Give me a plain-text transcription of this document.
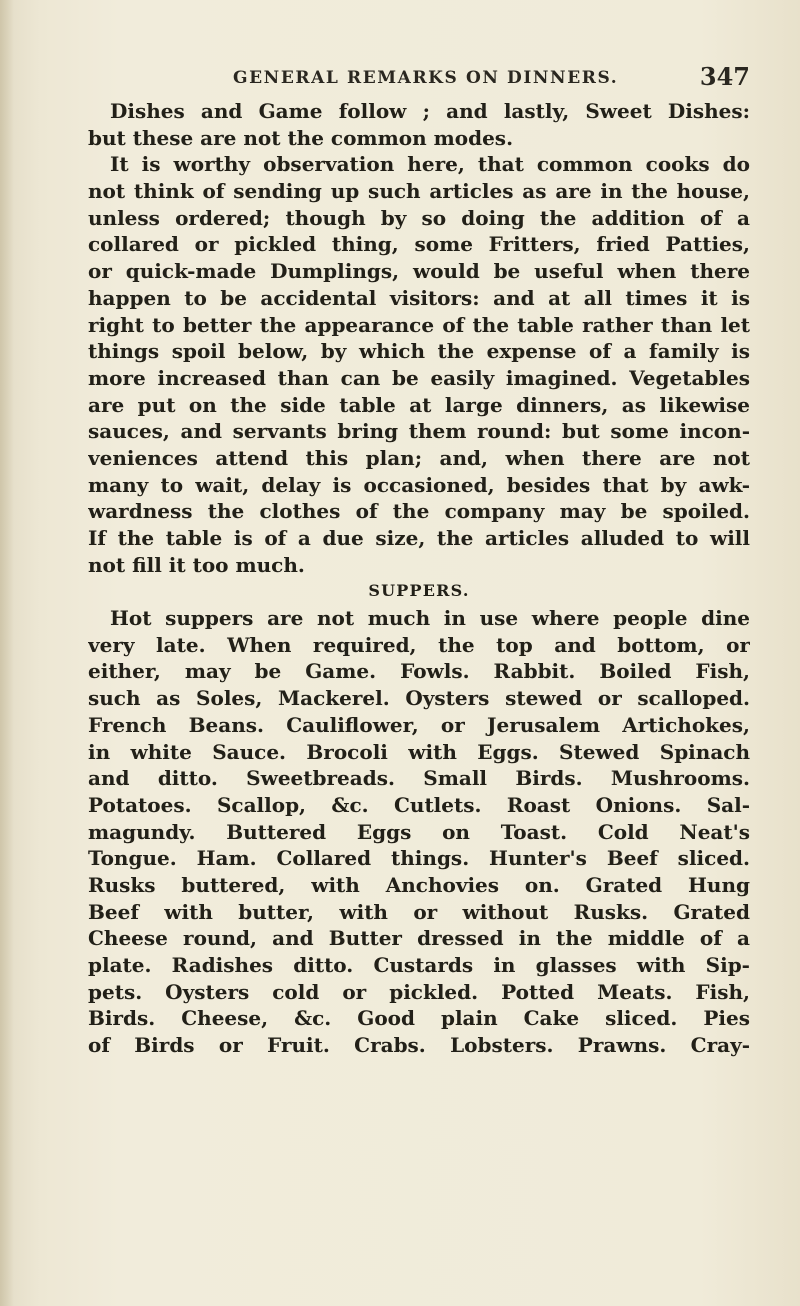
GENERAL REMARKS ON DINNERS.	347
Dishes and Game follow ; and lastly, Sweet Dishes:
but these are not the common modes.
It is worthy observation here, that common cooks do
not think of sending up such articles as are in the house,
unless ordered; though by so doing the addition of a
collared or pickled thing, some Fritters, fried Patties,
or quick-made Dumplings, would be useful when there
happen to be accidental visitors: and at all times it is
right to better the appearance of the table rather than let
things spoil below, by which the expense of a family is
more increased than can be easily imagined. Vegetables
are put on the side table at large dinners, as likewise
sauces, and servants bring them round: but some incon-
veniences attend this plan; and, when there are not
many to wait, delay is occasioned, besides that by awk-
wardness the clothes of the company may be spoiled.
If the table is of a due size, the articles alluded to will
not fill it too much.
SUPPERS.
Hot suppers are not much in use where people dine
very late. When required, the top and bottom, or
either, may be Game. Fowls. Rabbit. Boiled Fish,
such as Soles, Mackerel. Oysters stewed or scalloped.
French Beans. Cauliflower, or Jerusalem Artichokes,
in white Sauce. Brocoli with Eggs. Stewed Spinach
and ditto. Sweetbreads. Small Birds. Mushrooms.
Potatoes. Scallop, &c. Cutlets. Roast Onions. Sal-
magundy. Buttered Eggs on Toast. Cold Neat's
Tongue. Ham. Collared things. Hunter's Beef sliced.
Rusks buttered, with Anchovies on. Grated Hung
Beef with butter, with or without Rusks. Grated
Cheese round, and Butter dressed in the middle of a
plate. Radishes ditto. Custards in glasses with Sip-
pets. Oysters cold or pickled. Potted Meats. Fish,
Birds. Cheese, &c. Good plain Cake sliced. Pies
of Birds or Fruit. Crabs. Lobsters. Prawns. Cray-
